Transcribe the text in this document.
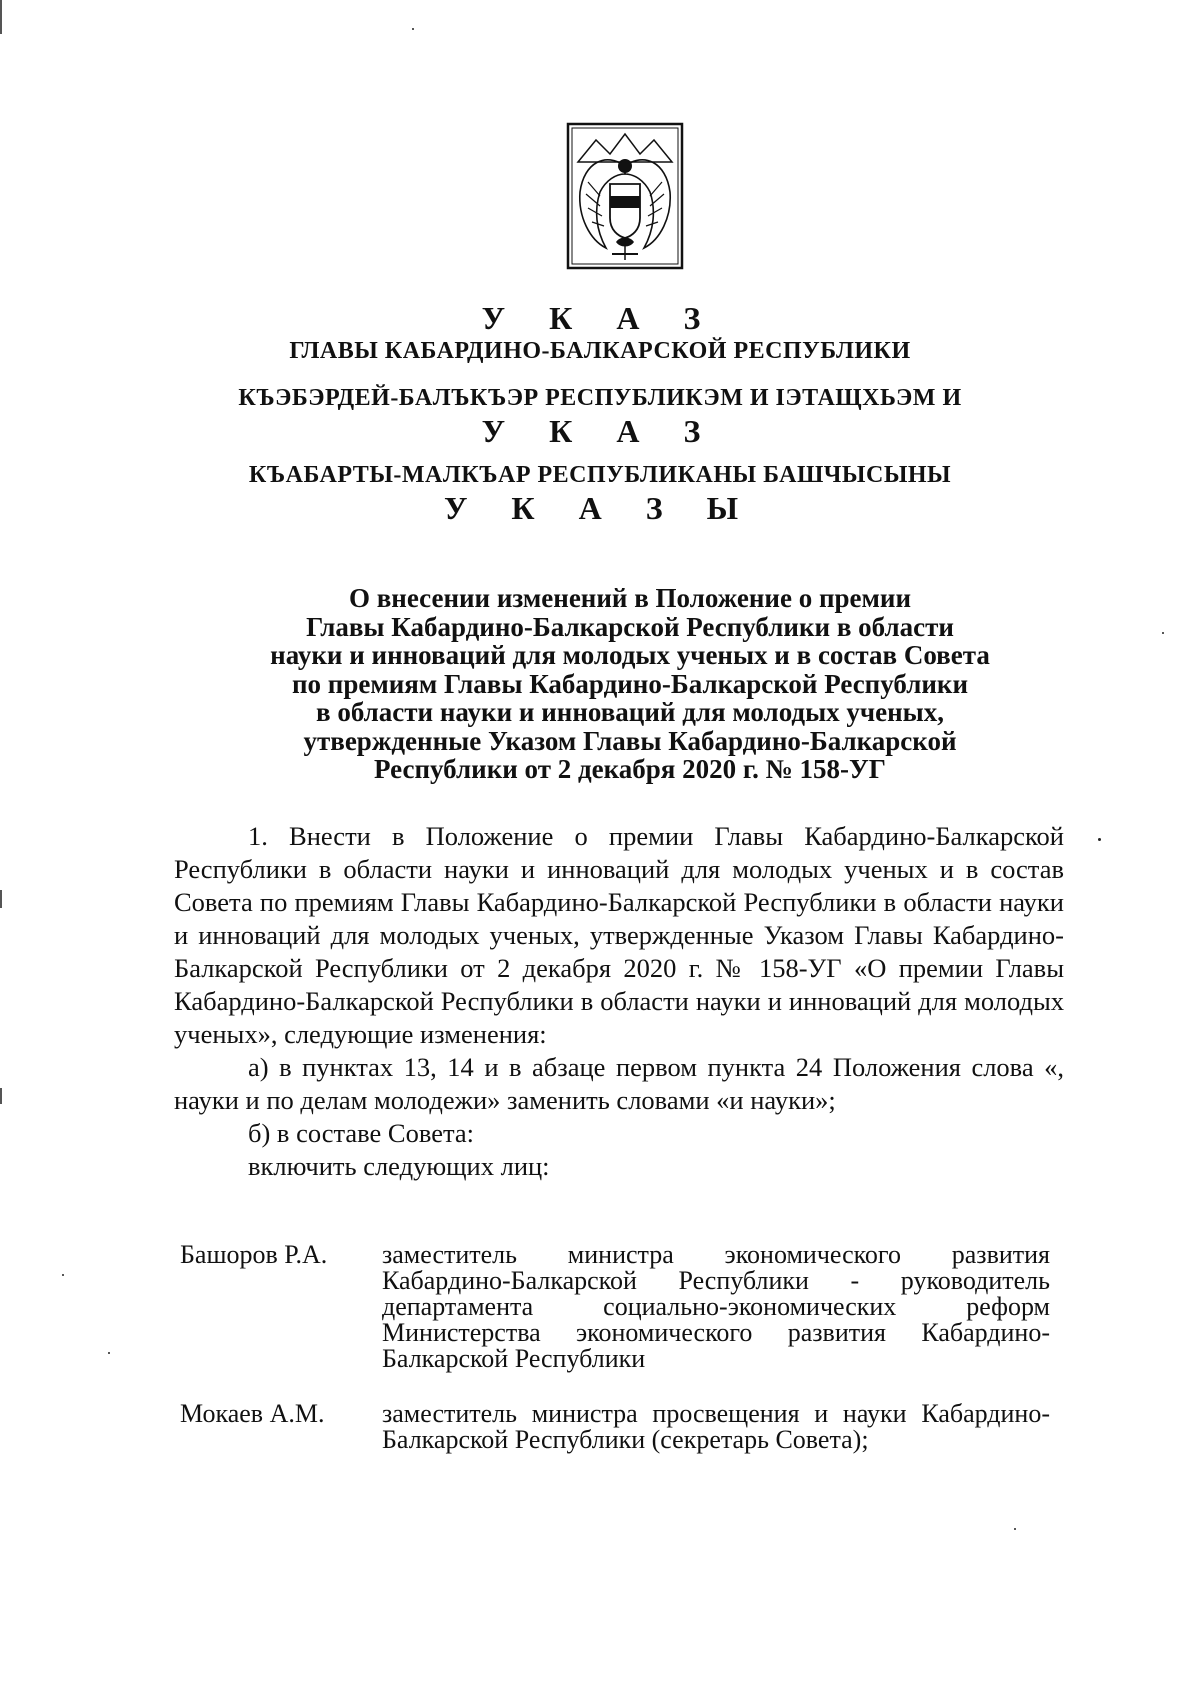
У К А З
ГЛАВЫ КАБАРДИНО-БАЛКАРСКОЙ РЕСПУБЛИКИ
КЪЭБЭРДЕЙ-БАЛЪКЪЭР РЕСПУБЛИКЭМ И IЭТАЩХЬЭМ И
У К А З
КЪАБАРТЫ-МАЛКЪАР РЕСПУБЛИКАНЫ БАШЧЫСЫНЫ
У К А З Ы
О внесении изменений в Положение о премии
Главы Кабардино-Балкарской Республики в области
науки и инноваций для молодых ученых и в состав Совета
по премиям Главы Кабардино-Балкарской Республики
в области науки и инноваций для молодых ученых,
утвержденные Указом Главы Кабардино-Балкарской
Республики от 2 декабря 2020 г. № 158-УГ

1. Внести в Положение о премии Главы Кабардино-Балкарской Республики в области науки и инноваций для молодых ученых и в состав Совета по премиям Главы Кабардино-Балкарской Республики в области науки и инноваций для молодых ученых, утвержденные Указом Главы Кабардино-Балкарской Республики от 2 декабря 2020 г. № 158-УГ «О премии Главы Кабардино-Балкарской Республики в области науки и инноваций для молодых ученых», следующие изменения:

а) в пунктах 13, 14 и в абзаце первом пункта 24 Положения слова «, науки и по делам молодежи» заменить словами «и науки»;

б) в составе Совета:

включить следующих лиц:

Башоров Р.А.	заместитель министра экономического развития Кабардино-Балкарской Республики - руководитель департамента социально-экономических реформ Министерства экономического развития Кабардино-Балкарской Республики
Мокаев А.М.	заместитель министра просвещения и науки Кабардино-Балкарской Республики (секретарь Совета);
